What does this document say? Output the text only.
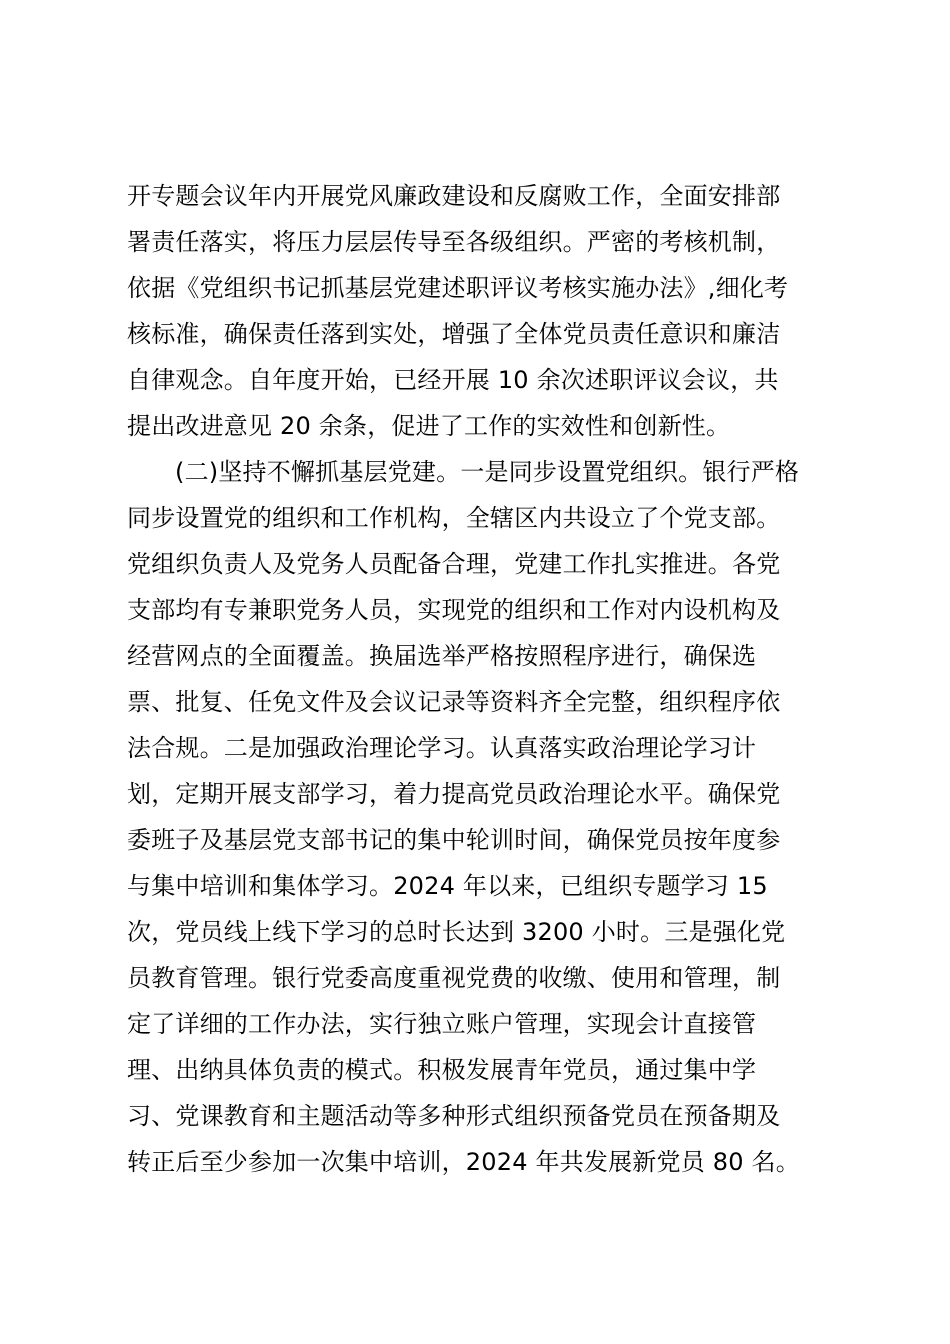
开专题会议年内开展党风廉政建设和反腐败工作，全面安排部
署责任落实，将压力层层传导至各级组织。严密的考核机制，
依据《党组织书记抓基层党建述职评议考核实施办法》,细化考
核标准，确保责任落到实处，增强了全体党员责任意识和廉洁
自律观念。自年度开始，已经开展 10 余次述职评议会议，共
提出改进意见 20 余条，促进了工作的实效性和创新性。
(二)坚持不懈抓基层党建。一是同步设置党组织。银行严格
同步设置党的组织和工作机构，全辖区内共设立了个党支部。
党组织负责人及党务人员配备合理，党建工作扎实推进。各党
支部均有专兼职党务人员，实现党的组织和工作对内设机构及
经营网点的全面覆盖。换届选举严格按照程序进行，确保选
票、批复、任免文件及会议记录等资料齐全完整，组织程序依
法合规。二是加强政治理论学习。认真落实政治理论学习计
划，定期开展支部学习，着力提高党员政治理论水平。确保党
委班子及基层党支部书记的集中轮训时间，确保党员按年度参
与集中培训和集体学习。2024 年以来，已组织专题学习 15
次，党员线上线下学习的总时长达到 3200 小时。三是强化党
员教育管理。银行党委高度重视党费的收缴、使用和管理，制
定了详细的工作办法，实行独立账户管理，实现会计直接管
理、出纳具体负责的模式。积极发展青年党员，通过集中学
习、党课教育和主题活动等多种形式组织预备党员在预备期及
转正后至少参加一次集中培训，2024 年共发展新党员 80 名。
